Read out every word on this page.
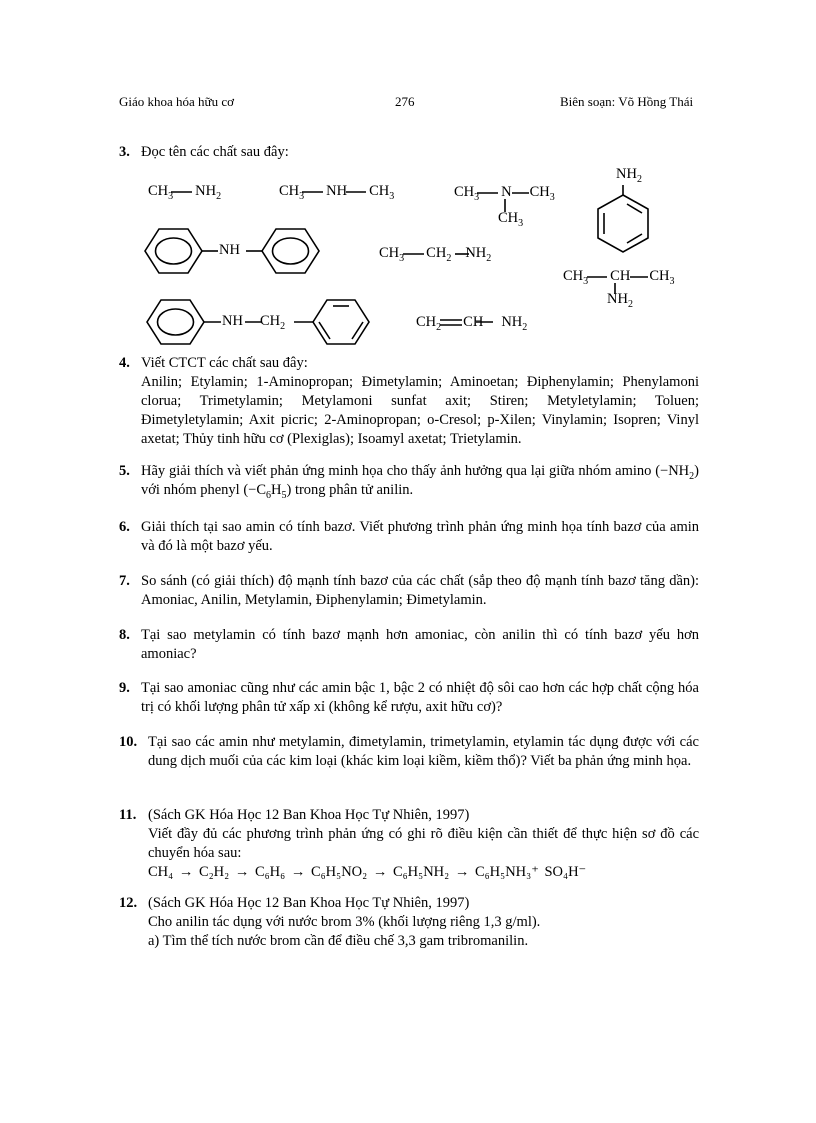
Giáo khoa hóa hữu cơ	276	Biên soạn: Võ Hồng Thái
3. Đọc tên các chất sau đây:
$CH_3$ $NH_2$	$CH_3$ NH $CH_3$	$CH_3$ N $CH_3$
$CH_3$
$NH_2$
NH	$CH_3$ $CH_2$ $NH_2$
$CH_3$ CH $CH_3$
$NH_2$
NH $CH_2$	$CH_2$ CH $NH_2$
4. Viết CTCT các chất sau đây:
Anilin; Etylamin; 1-Aminopropan; Đimetylamin; Aminoetan; Điphenylamin; Phenylamoni clorua; Trimetylamin; Metylamoni sunfat axit; Stiren; Metyletylamin; Toluen; Đimetyletylamin; Axit picric; 2-Aminopropan; o-Cresol; p-Xilen; Vinylamin; Isopren; Vinyl axetat; Thủy tinh hữu cơ (Plexiglas); Isoamyl axetat; Trietylamin.
5. Hãy giải thích và viết phản ứng minh họa cho thấy ảnh hưởng qua lại giữa nhóm amino $(-NH_2)$ với nhóm phenyl $(-C_6H_5)$ trong phân tử anilin.
6. Giải thích tại sao amin có tính bazơ. Viết phương trình phản ứng minh họa tính bazơ của amin và đó là một bazơ yếu.
7. So sánh (có giải thích) độ mạnh tính bazơ của các chất (sắp theo độ mạnh tính bazơ tăng dần): Amoniac, Anilin, Metylamin, Điphenylamin; Đimetylamin.
8. Tại sao metylamin có tính bazơ mạnh hơn amoniac, còn anilin thì có tính bazơ yếu hơn amoniac?
9. Tại sao amoniac cũng như các amin bậc 1, bậc 2 có nhiệt độ sôi cao hơn các hợp chất cộng hóa trị có khối lượng phân tử xấp xỉ (không kể rượu, axit hữu cơ)?
10. Tại sao các amin như metylamin, đimetylamin, trimetylamin, etylamin tác dụng được với các dung dịch muối của các kim loại (khác kim loại kiềm, kiềm thổ)? Viết ba phản ứng minh họa.
11. (Sách GK Hóa Học 12 Ban Khoa Học Tự Nhiên, 1997)
Viết đầy đủ các phương trình phản ứng có ghi rõ điều kiện cần thiết để thực hiện sơ đồ các chuyển hóa sau:
CH₄ → C₂H₂ → C₆H₆ → C₆H₅NO₂ → C₆H₅NH₂ → C₆H₅NH₃⁺ SO₄H⁻
12. (Sách GK Hóa Học 12 Ban Khoa Học Tự Nhiên, 1997)
Cho anilin tác dụng với nước brom 3% (khối lượng riêng 1,3 g/ml).
a) Tìm thể tích nước brom cần để điều chế 3,3 gam tribromanilin.
